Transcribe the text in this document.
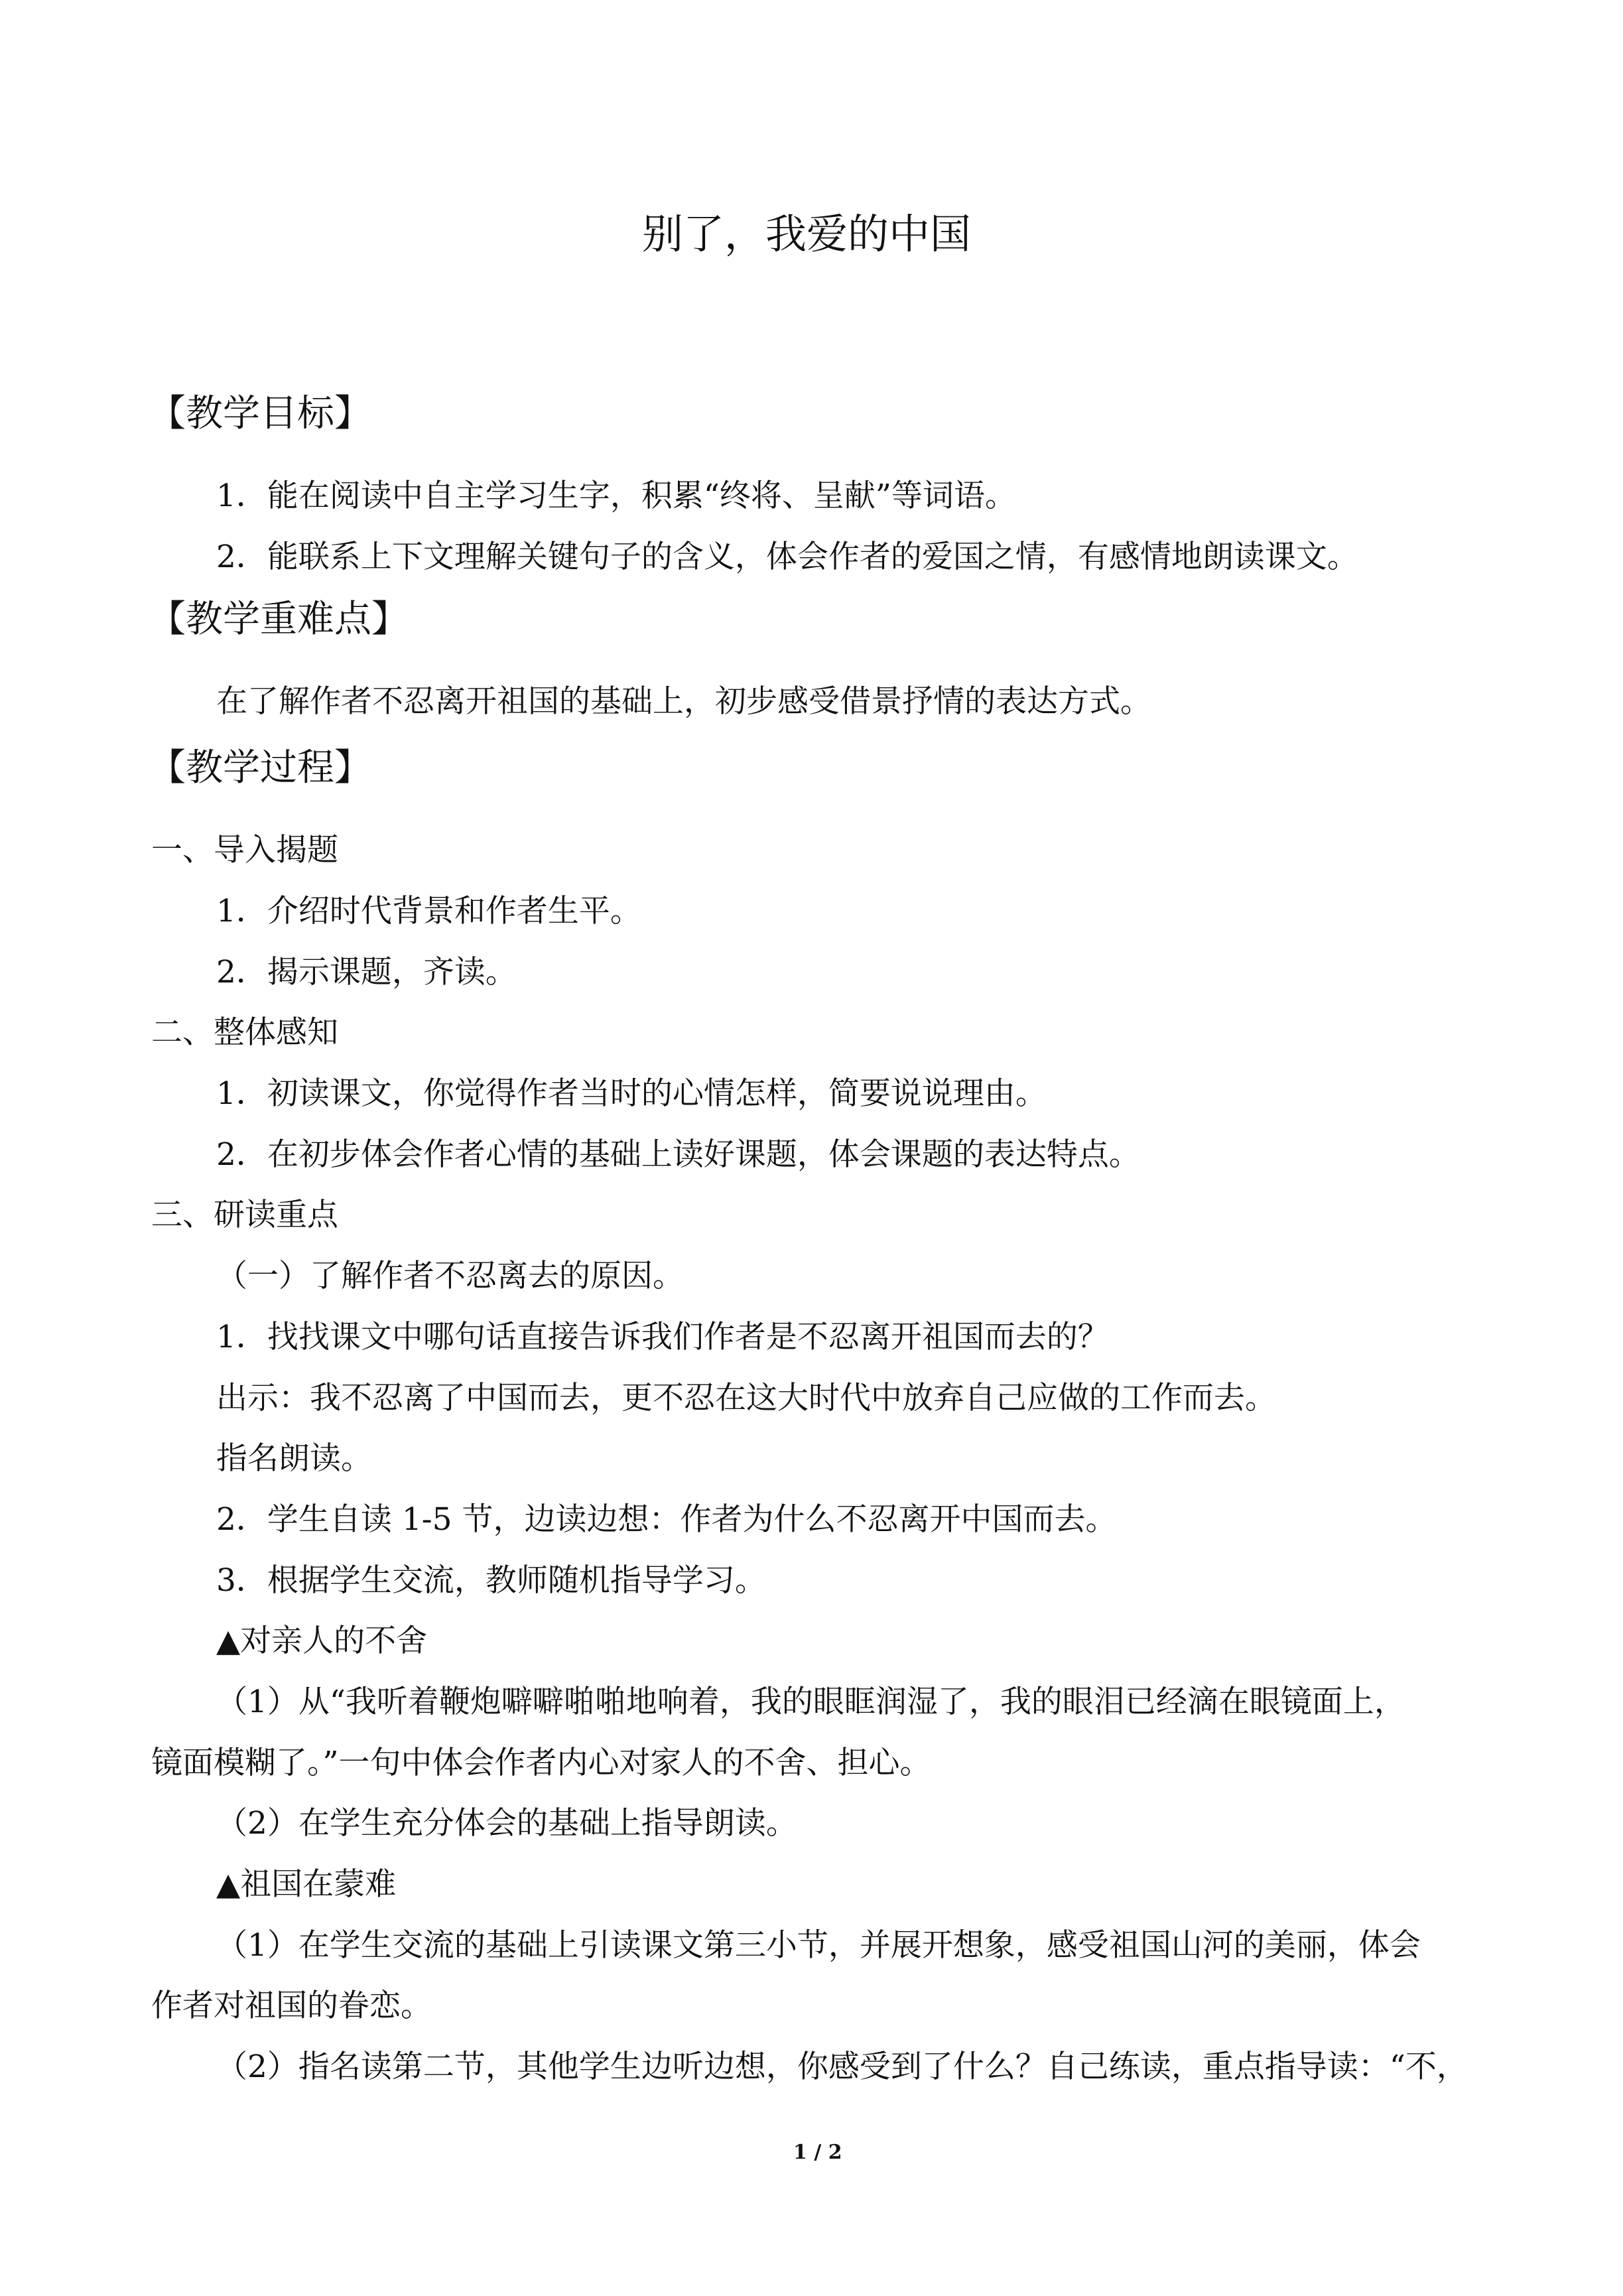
别了，我爱的中国
【教学目标】
1．能在阅读中自主学习生字，积累“终将、呈献”等词语。
2．能联系上下文理解关键句子的含义，体会作者的爱国之情，有感情地朗读课文。
【教学重难点】
在了解作者不忍离开祖国的基础上，初步感受借景抒情的表达方式。
【教学过程】
一、导入揭题
1．介绍时代背景和作者生平。
2．揭示课题，齐读。
二、整体感知
1．初读课文，你觉得作者当时的心情怎样，简要说说理由。
2．在初步体会作者心情的基础上读好课题，体会课题的表达特点。
三、研读重点
（一）了解作者不忍离去的原因。
1．找找课文中哪句话直接告诉我们作者是不忍离开祖国而去的？
出示：我不忍离了中国而去，更不忍在这大时代中放弃自己应做的工作而去。
指名朗读。
2．学生自读 1-5 节，边读边想：作者为什么不忍离开中国而去。
3．根据学生交流，教师随机指导学习。
▲对亲人的不舍
（1）从“我听着鞭炮噼噼啪啪地响着，我的眼眶润湿了，我的眼泪已经滴在眼镜面上，
镜面模糊了。”一句中体会作者内心对家人的不舍、担心。
（2）在学生充分体会的基础上指导朗读。
▲祖国在蒙难
（1）在学生交流的基础上引读课文第三小节，并展开想象，感受祖国山河的美丽，体会
作者对祖国的眷恋。
（2）指名读第二节，其他学生边听边想，你感受到了什么？自己练读，重点指导读：“不，
1 / 2
